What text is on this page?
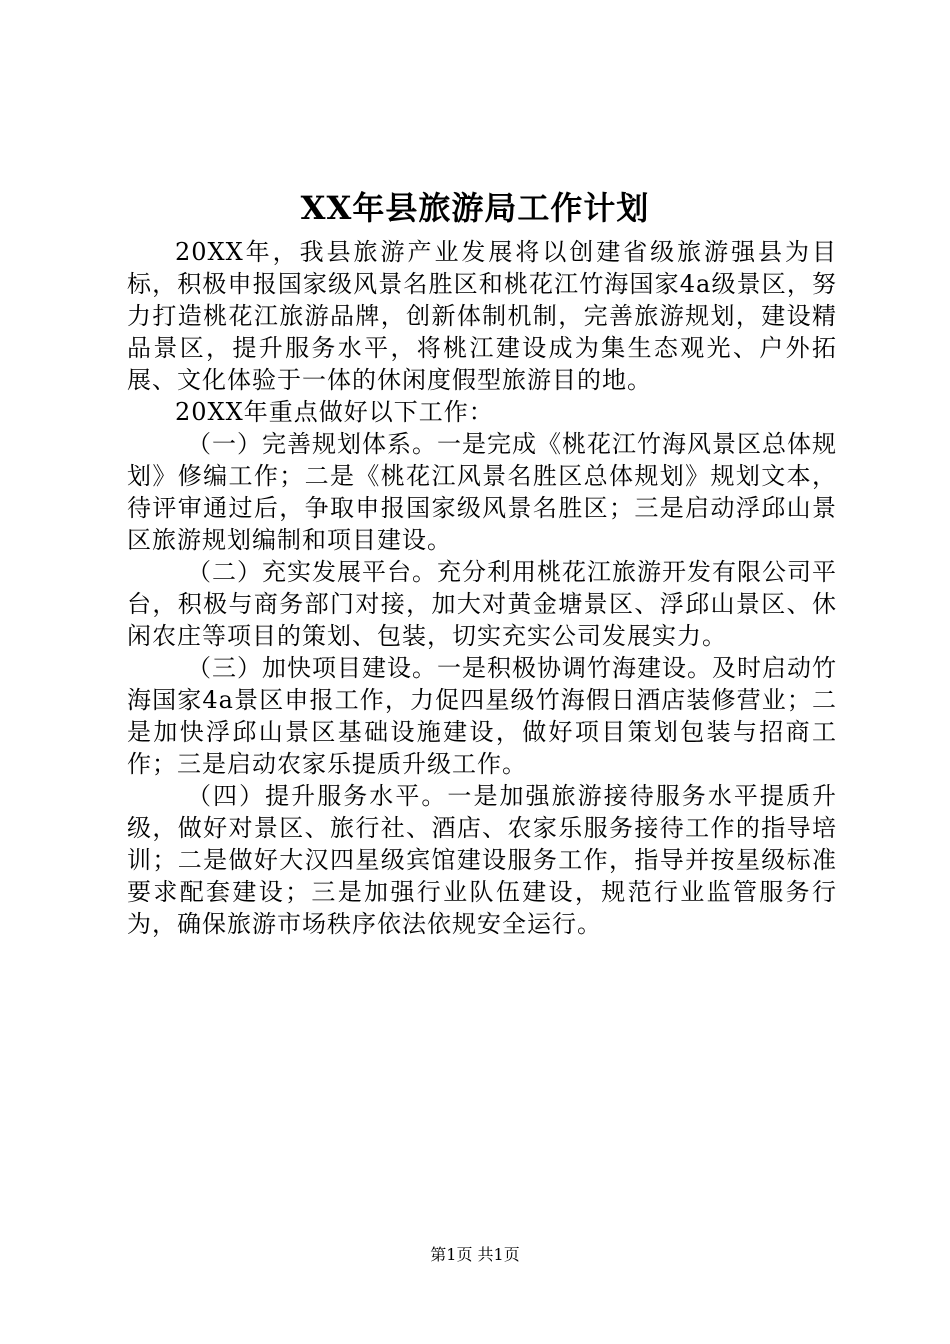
XX年县旅游局工作计划

20XX年，我县旅游产业发展将以创建省级旅游强县为目标，积极申报国家级风景名胜区和桃花江竹海国家4a级景区，努力打造桃花江旅游品牌，创新体制机制，完善旅游规划，建设精品景区，提升服务水平，将桃江建设成为集生态观光、户外拓展、文化体验于一体的休闲度假型旅游目的地。

20XX年重点做好以下工作：

（一）完善规划体系。一是完成《桃花江竹海风景区总体规划》修编工作；二是《桃花江风景名胜区总体规划》规划文本，待评审通过后，争取申报国家级风景名胜区；三是启动浮邱山景区旅游规划编制和项目建设。

（二）充实发展平台。充分利用桃花江旅游开发有限公司平台，积极与商务部门对接，加大对黄金塘景区、浮邱山景区、休闲农庄等项目的策划、包装，切实充实公司发展实力。

（三）加快项目建设。一是积极协调竹海建设。及时启动竹海国家4a景区申报工作，力促四星级竹海假日酒店装修营业；二是加快浮邱山景区基础设施建设，做好项目策划包装与招商工作；三是启动农家乐提质升级工作。

（四）提升服务水平。一是加强旅游接待服务水平提质升级，做好对景区、旅行社、酒店、农家乐服务接待工作的指导培训；二是做好大汉四星级宾馆建设服务工作，指导并按星级标准要求配套建设；三是加强行业队伍建设，规范行业监管服务行为，确保旅游市场秩序依法依规安全运行。

第1页 共1页
